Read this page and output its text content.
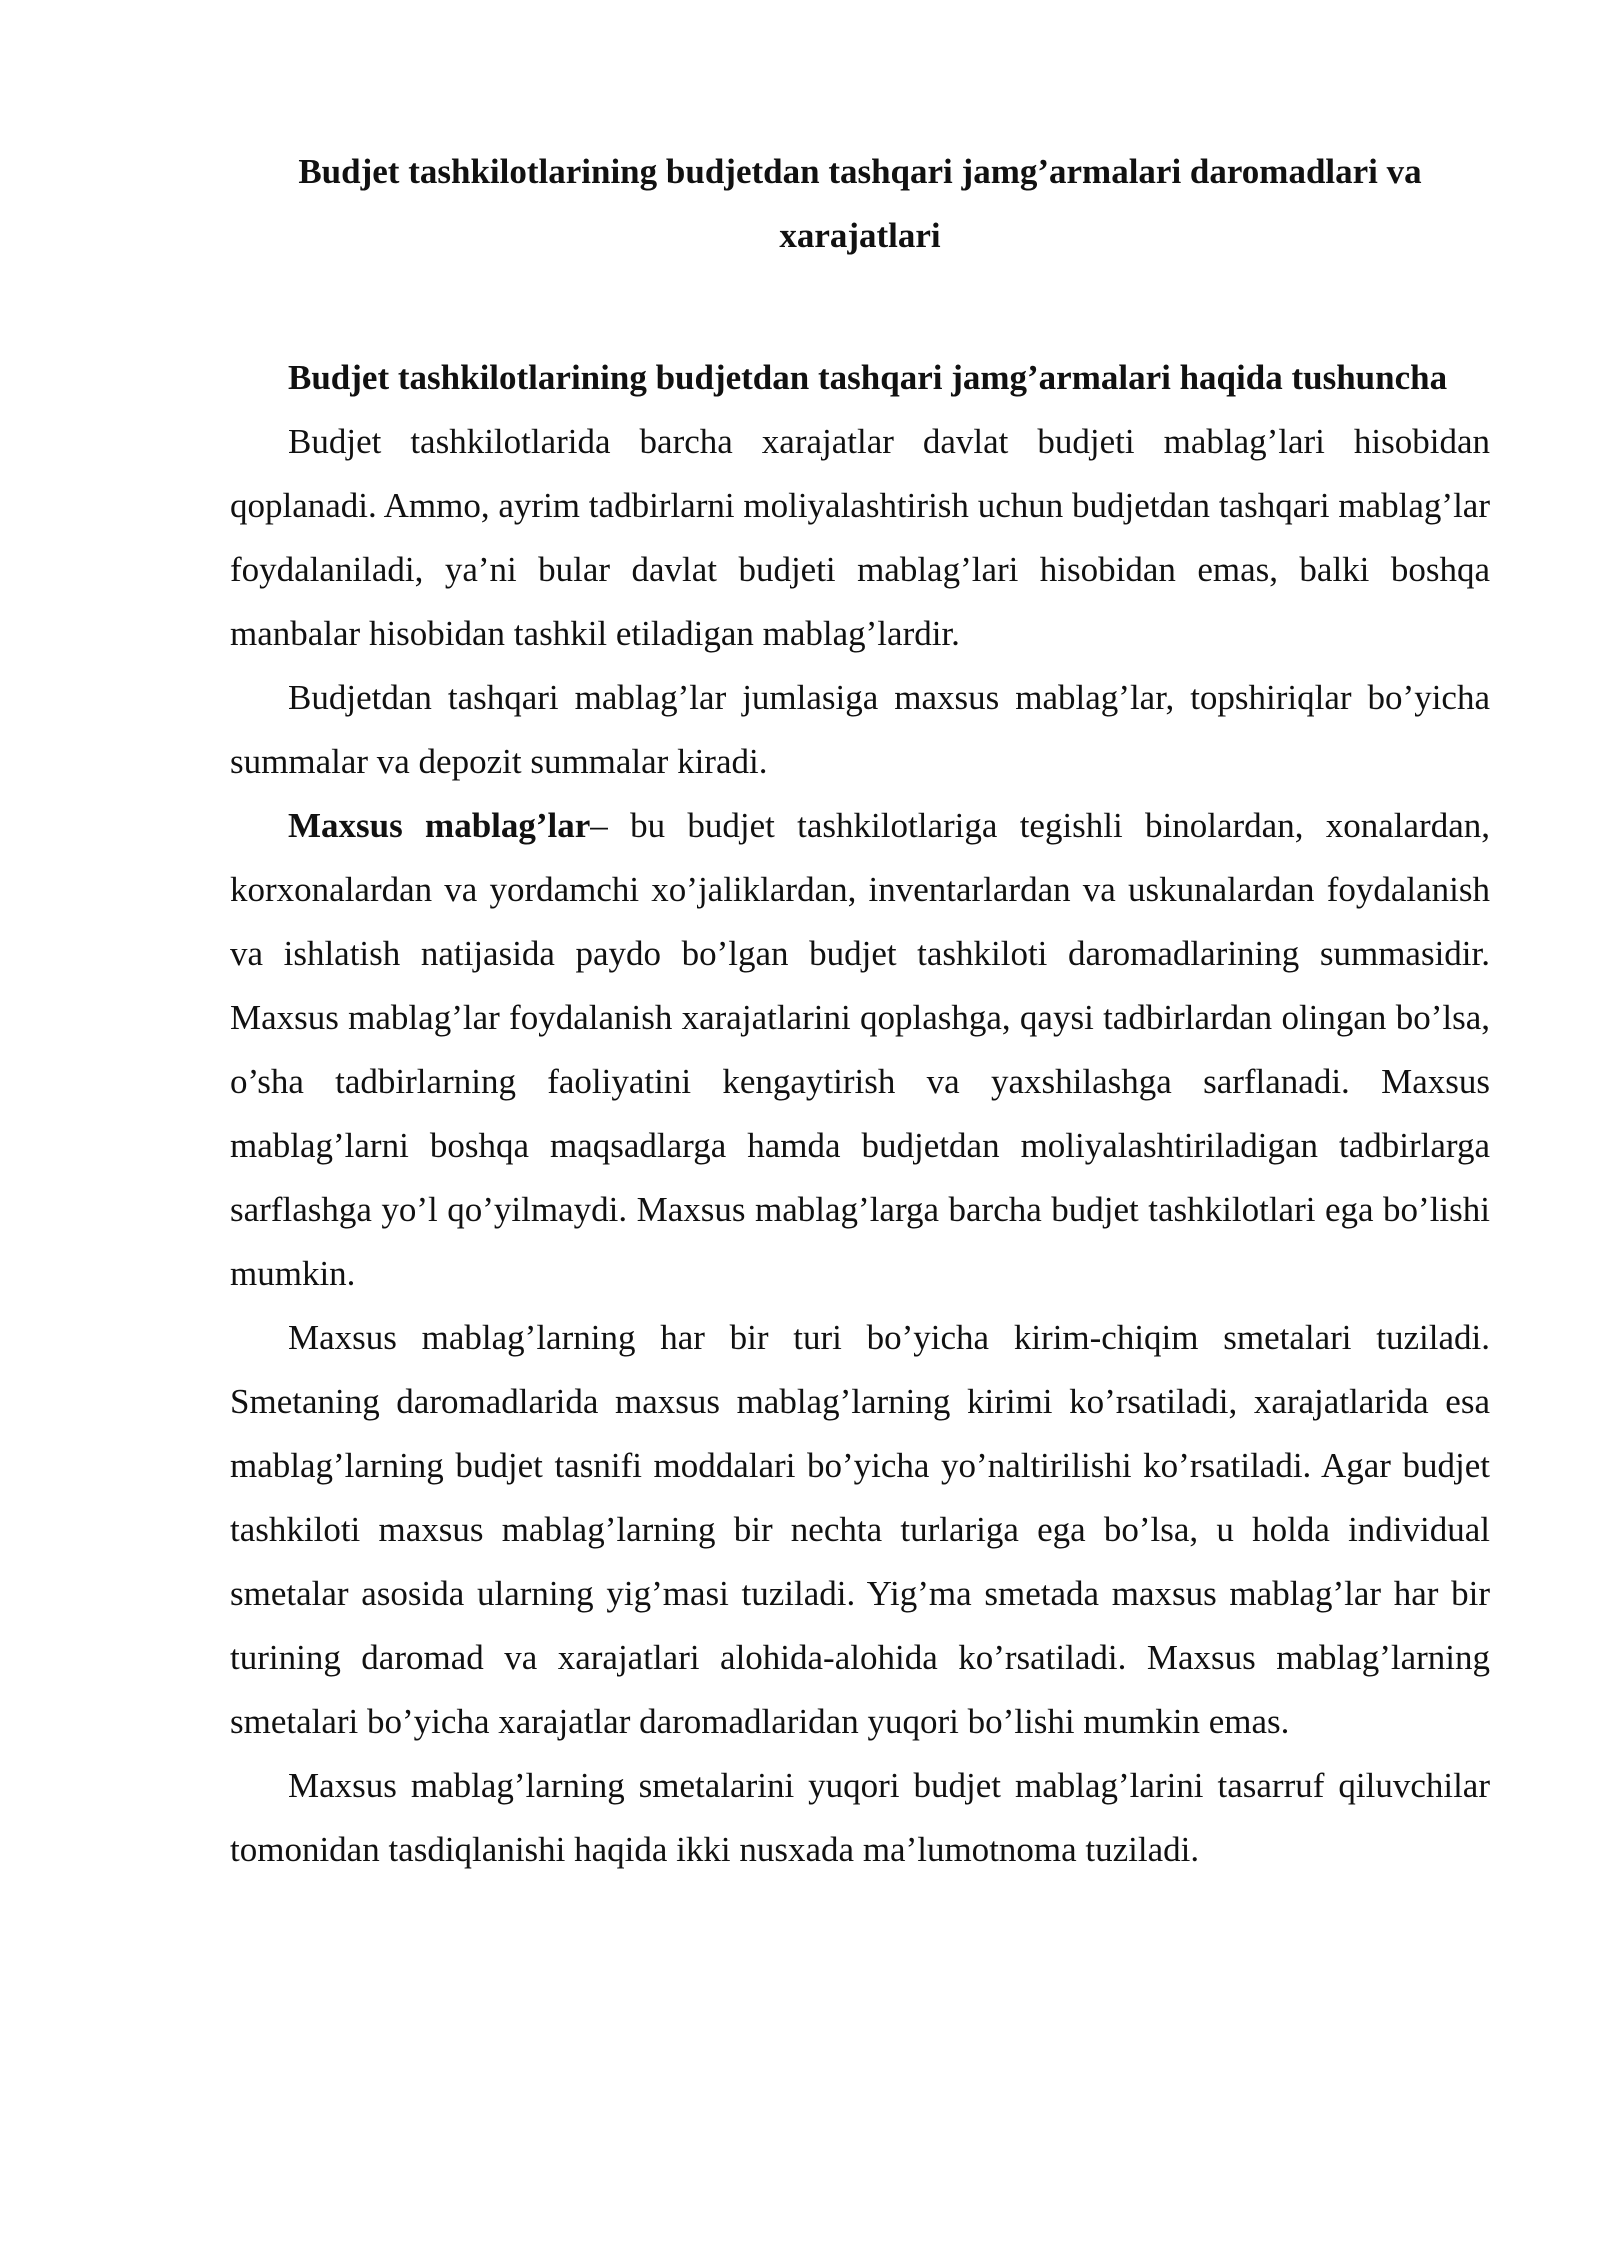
Budjet tashkilotlarining budjetdan tashqari jamg’armalari daromadlari va xarajatlari
Budjet tashkilotlarining budjetdan tashqari jamg’armalari haqida tushuncha

Budjet tashkilotlarida barcha xarajatlar davlat budjeti mablag’lari hisobidan qoplanadi. Ammo, ayrim tadbirlarni moliyalashtirish uchun budjetdan tashqari mablag’lar foydalaniladi, ya’ni bular davlat budjeti mablag’lari hisobidan emas, balki boshqa manbalar hisobidan tashkil etiladigan mablag’lardir.

Budjetdan tashqari mablag’lar jumlasiga maxsus mablag’lar, topshiriqlar bo’yicha summalar va depozit summalar kiradi.

Maxsus mablag’lar– bu budjet tashkilotlariga tegishli binolardan, xonalardan, korxonalardan va yordamchi xo’jaliklardan, inventarlardan va uskunalardan foydalanish va ishlatish natijasida paydo bo’lgan budjet tashkiloti daromadlarining summasidir. Maxsus mablag’lar foydalanish xarajatlarini qoplashga, qaysi tadbirlardan olingan bo’lsa, o’sha tadbirlarning faoliyatini kengaytirish va yaxshilashga sarflanadi. Maxsus mablag’larni boshqa maqsadlarga hamda budjetdan moliyalashtiriladigan tadbirlarga sarflashga yo’l qo’yilmaydi. Maxsus mablag’larga barcha budjet tashkilotlari ega bo’lishi mumkin.

Maxsus mablag’larning har bir turi bo’yicha kirim-chiqim smetalari tuziladi. Smetaning daromadlarida maxsus mablag’larning kirimi ko’rsatiladi, xarajatlarida esa mablag’larning budjet tasnifi moddalari bo’yicha yo’naltirilishi ko’rsatiladi. Agar budjet tashkiloti maxsus mablag’larning bir nechta turlariga ega bo’lsa, u holda individual smetalar asosida ularning yig’masi tuziladi. Yig’ma smetada maxsus mablag’lar har bir turining daromad va xarajatlari alohida-alohida ko’rsatiladi. Maxsus mablag’larning smetalari bo’yicha xarajatlar daromadlaridan yuqori bo’lishi mumkin emas.

Maxsus mablag’larning smetalarini yuqori budjet mablag’larini tasarruf qiluvchilar tomonidan tasdiqlanishi haqida ikki nusxada ma’lumotnoma tuziladi.
